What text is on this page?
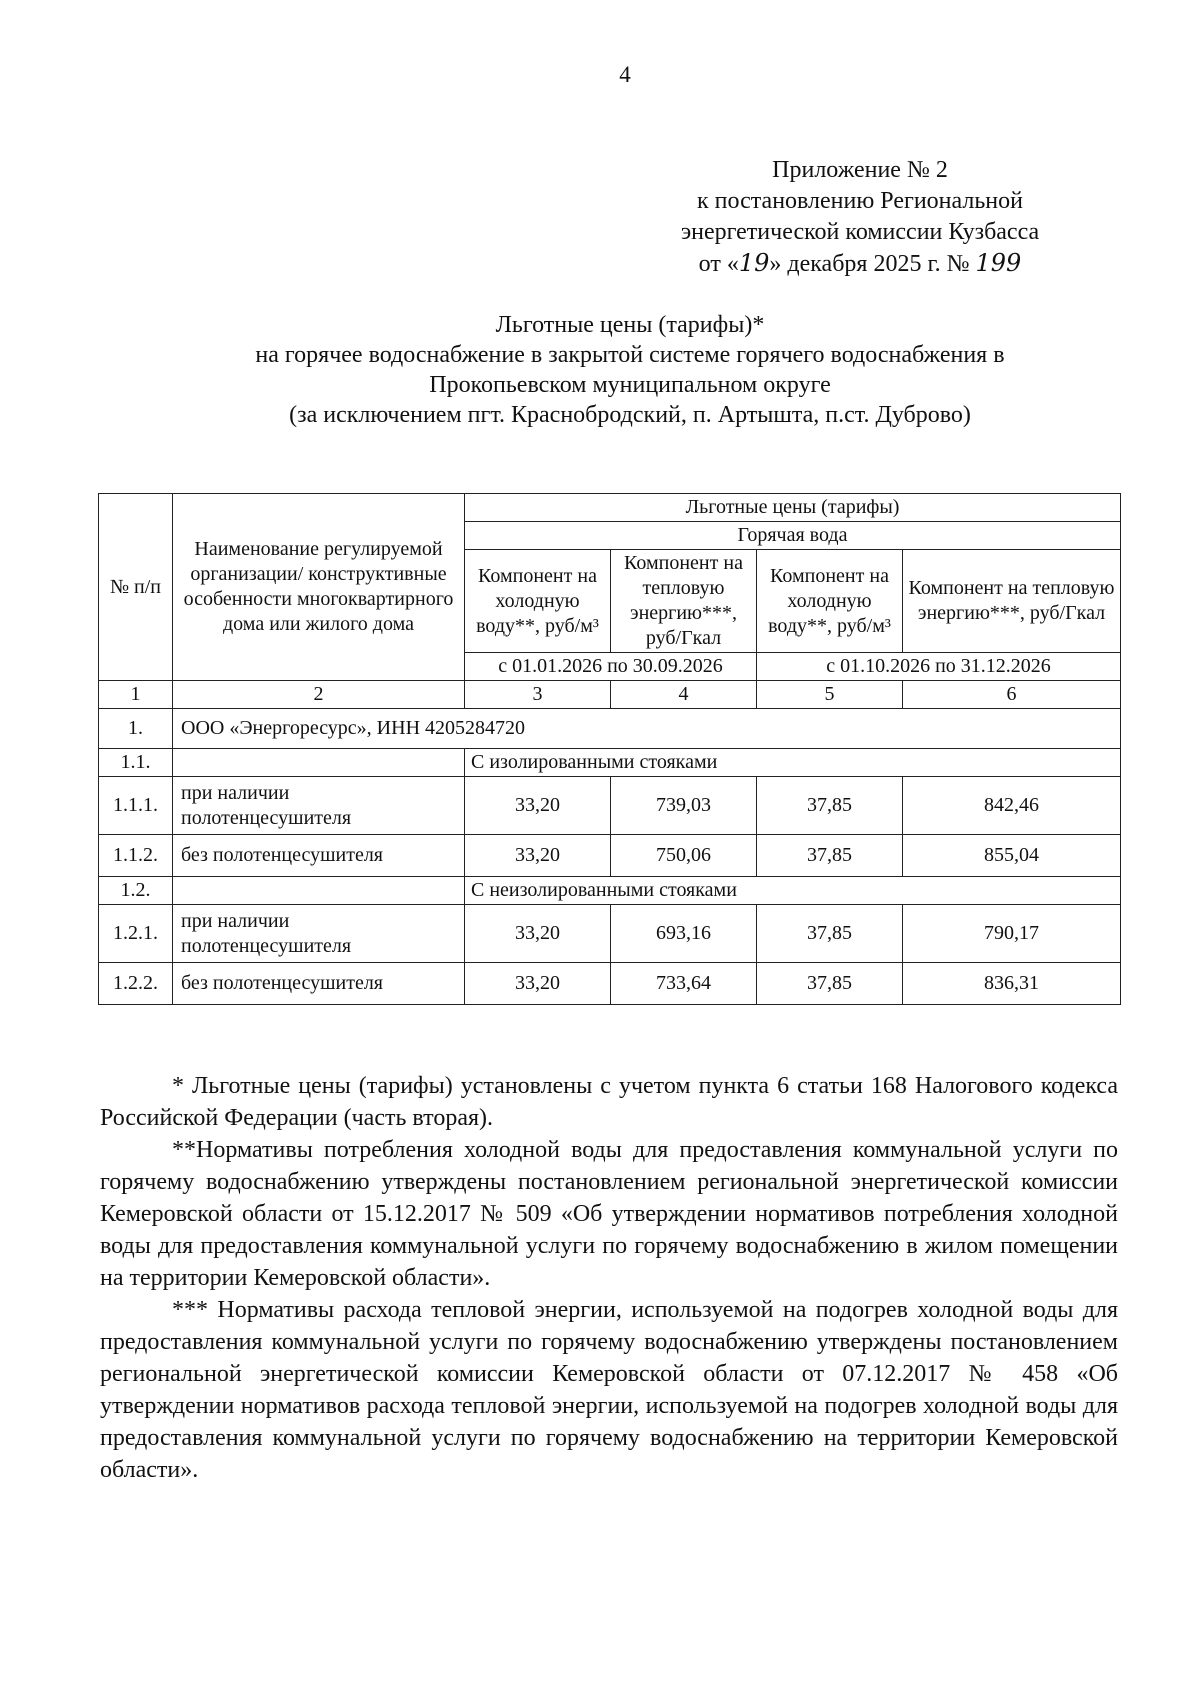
4
Приложение № 2
к постановлению Региональной
энергетической комиссии Кузбасса
от «19» декабря 2025 г. № 199
Льготные цены (тарифы)*
на горячее водоснабжение в закрытой системе горячего водоснабжения в
Прокопьевском муниципальном округе
(за исключением пгт. Краснобродский, п. Артышта, п.ст. Дуброво)
№ п/п	Наименование регулируемой организации/ конструктивные особенности многоквартирного дома или жилого дома	Льготные цены (тарифы)			
		Горячая вода			
		Компонент на холодную воду**, руб/м³	Компонент на тепловую энергию***, руб/Гкал	Компонент на холодную воду**, руб/м³	Компонент на тепловую энергию***, руб/Гкал
		с 01.01.2026 по 30.09.2026		с 01.10.2026 по 31.12.2026	
1	2	3	4	5	6
1.	ООО «Энергоресурс», ИНН 4205284720				
1.1.		С изолированными стояками			
1.1.1.	при наличии полотенцесушителя	33,20	739,03	37,85	842,46
1.1.2.	без полотенцесушителя	33,20	750,06	37,85	855,04
1.2.		С неизолированными стояками			
1.2.1.	при наличии полотенцесушителя	33,20	693,16	37,85	790,17
1.2.2.	без полотенцесушителя	33,20	733,64	37,85	836,31

* Льготные цены (тарифы) установлены с учетом пункта 6 статьи 168 Налогового кодекса Российской Федерации (часть вторая).

**Нормативы потребления холодной воды для предоставления коммунальной услуги по горячему водоснабжению утверждены постановлением региональной энергетической комиссии Кемеровской области от 15.12.2017 № 509 «Об утверждении нормативов потребления холодной воды для предоставления коммунальной услуги по горячему водоснабжению в жилом помещении на территории Кемеровской области».

*** Нормативы расхода тепловой энергии, используемой на подогрев холодной воды для предоставления коммунальной услуги по горячему водоснабжению утверждены постановлением региональной энергетической комиссии Кемеровской области от 07.12.2017 № 458 «Об утверждении нормативов расхода тепловой энергии, используемой на подогрев холодной воды для предоставления коммунальной услуги по горячему водоснабжению на территории Кемеровской области».
